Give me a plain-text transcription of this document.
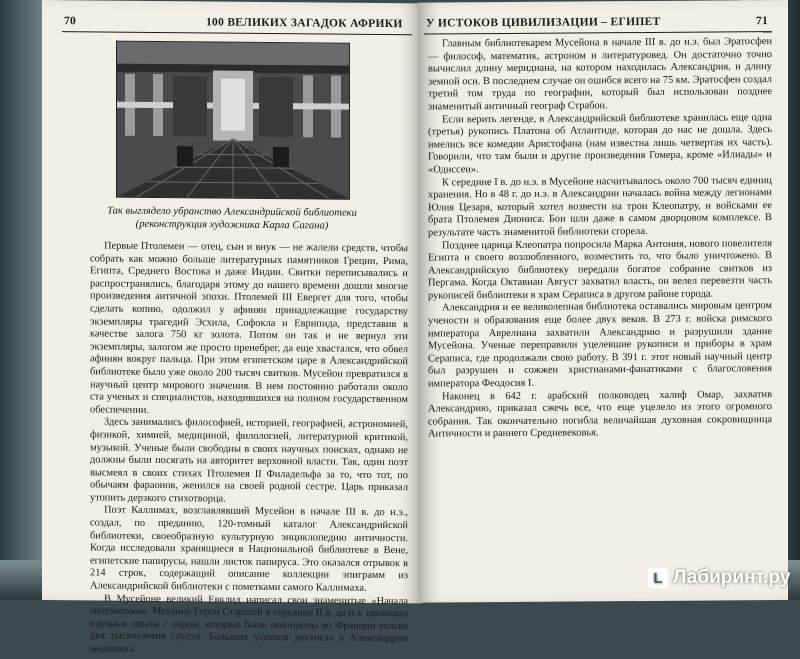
70	100 ВЕЛИКИХ ЗАГАДОК АФРИКИ
Так выглядело убранство Александрийской библиотеки
(реконструкция художника Карла Сагана)

Первые Птолемеи — отец, сын и внук — не жалели средств, чтобы собрать как можно больше литературных памятников Греции, Рима, Египта, Среднего Востока и даже Индии. Свитки переписывались и распространялись, благодаря этому до нашего времени дошли многие произведения античной эпохи. Птолемей III Евергет для того, чтобы сделать копию, одолжил у афинян принадлежащие государству экземпляры трагедий Эсхила, Софокла и Еврипида, представив в качестве залога 750 кг золота. Потом он так и не вернул эти экземпляры, залогом же просто пренебрег, да еще хвастался, что обвел афинян вокруг пальца. При этом египетском царе в Александрийской библиотеке было уже около 200 тысяч свитков. Мусейон превратился в научный центр мирового значения. В нем постоянно работали около ста ученых и специалистов, находившихся на полном государственном обеспечении.

Здесь занимались философией, историей, географией, астрономией, физикой, химией, медициной, филологией, литературной критикой, музыкой. Ученые были свободны в своих научных поисках, однако не должны были посягать на авторитет верховной власти. Так, один поэт высмеял в своих стихах Птолемея II Филадельфа за то, что тот, по обычаям фараонов, женился на своей родной сестре. Царь приказал утопить дерзкого стихотворца.

Поэт Каллимах, возглавлявший Мусейон в начале III в. до н.э., создал, по преданию, 120-томный каталог Александрийской библиотеки, своеобразную культурную энциклопедию античности. Когда исследовали хранящиеся в Национальной библиотеке в Вене, египетские папирусы, нашли листок папируса. Это оказался отрывок в 214 строк, содержащий описание коллекции эпиграмм из Александрийской библиотеки с пометками самого Каллимаха.

В Мусейоне великий Евклид написал свои знаменитые «Начала математики». Механик Герон Старший в середине II в. до н.э. проводил научные опыты с паром, которые были повторены во Франции только два тысячелетия спустя. Больших успехов достигла в Александрии медицина.

У ИСТОКОВ ЦИВИЛИЗАЦИИ – ЕГИПЕТ	71

Главным библиотекарем Мусейона в начале III в. до н.э. был Эратосфен — философ, математик, астроном и литературовед. Он достаточно точно вычислил длину меридиана, на котором находилась Александрия, и длину земной оси. В последнем случае он ошибся всего на 75 км. Эратосфен создал третий том труда по географии, который был использован позднее знаменитый античный географ Страбон.

Если верить легенде, в Александрийской библиотеке хранилась еще одна (третья) рукопись Платона об Атлантиде, которая до нас не дошла. Здесь имелись все комедии Аристофана (нам известна лишь четвертая их часть). Говорили, что там были и другие произведения Гомера, кроме «Илиады» и «Одиссеи».

К середине I в. до н.э. в Мусейоне насчитывалось около 700 тысяч единиц хранения. Но в 48 г. до н.э. в Александрии началась война между легионами Юлия Цезаря, который хотел возвести на трон Клеопатру, и войсками ее брата Птолемея Диониса. Бои шли даже в самом дворцовом комплексе. В результате часть знаменитой библиотеки сгорела.

Позднее царица Клеопатра попросила Марка Антония, нового повелителя Египта и своего возлюбленного, возместить то, что было уничтожено. В Александрийскую библиотеку передали богатое собрание свитков из Пергама. Когда Октавиан Август захватил власть, он велел перевезти часть рукописей библиотеки в храм Сераписа в другом районе города.

Александрия и ее великолепная библиотека оставались мировым центром учености и образования еще более двух веков. В 273 г. войска римского императора Аврелиана захватили Александрию и разрушили здание Мусейона. Ученые переправили уцелевшие рукописи и приборы в храм Сераписа, где продолжали свою работу. В 391 г. этот новый научный центр был разрушен и сожжен христианами-фанатиками с благословения императора Феодосия I.

Наконец в 642 г. арабский полководец халиф Омар, захватив Александрию, приказал сжечь все, что еще уцелело из этого огромного собрания. Так окончательно погибла величайшая духовная сокровищница Античности и раннего Средневековья.

L Лабиринт.ру
